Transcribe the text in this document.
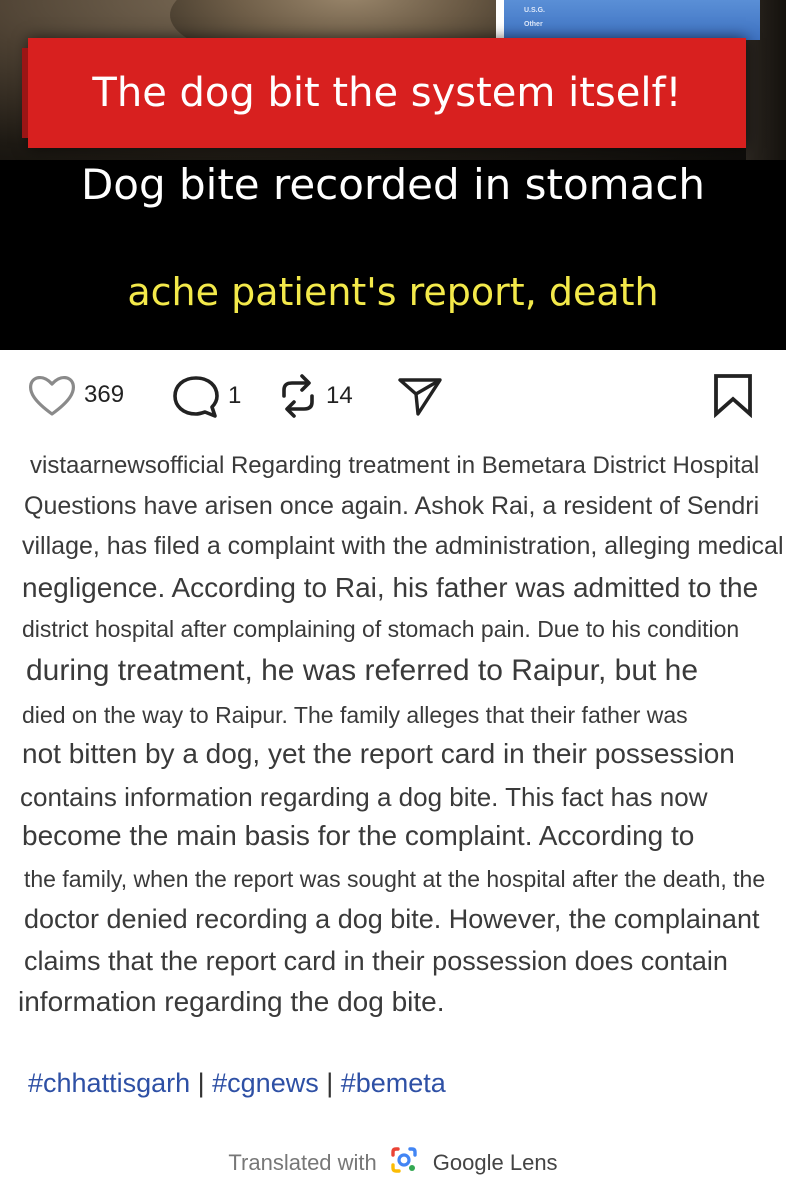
U.S.G.
Other
The dog bit the system itself!
Dog bite recorded in stomach
ache patient's report, death
369	1	14
vistaarnewsofficial Regarding treatment in Bemetara District Hospital
Questions have arisen once again. Ashok Rai, a resident of Sendri
village, has filed a complaint with the administration, alleging medical
negligence. According to Rai, his father was admitted to the
district hospital after complaining of stomach pain. Due to his condition
during treatment, he was referred to Raipur, but he
died on the way to Raipur. The family alleges that their father was
not bitten by a dog, yet the report card in their possession
contains information regarding a dog bite. This fact has now
become the main basis for the complaint. According to
the family, when the report was sought at the hospital after the death, the
doctor denied recording a dog bite. However, the complainant
claims that the report card in their possession does contain
information regarding the dog bite.
#chhattisgarh | #cgnews | #bemeta
Translated with	Google Lens
